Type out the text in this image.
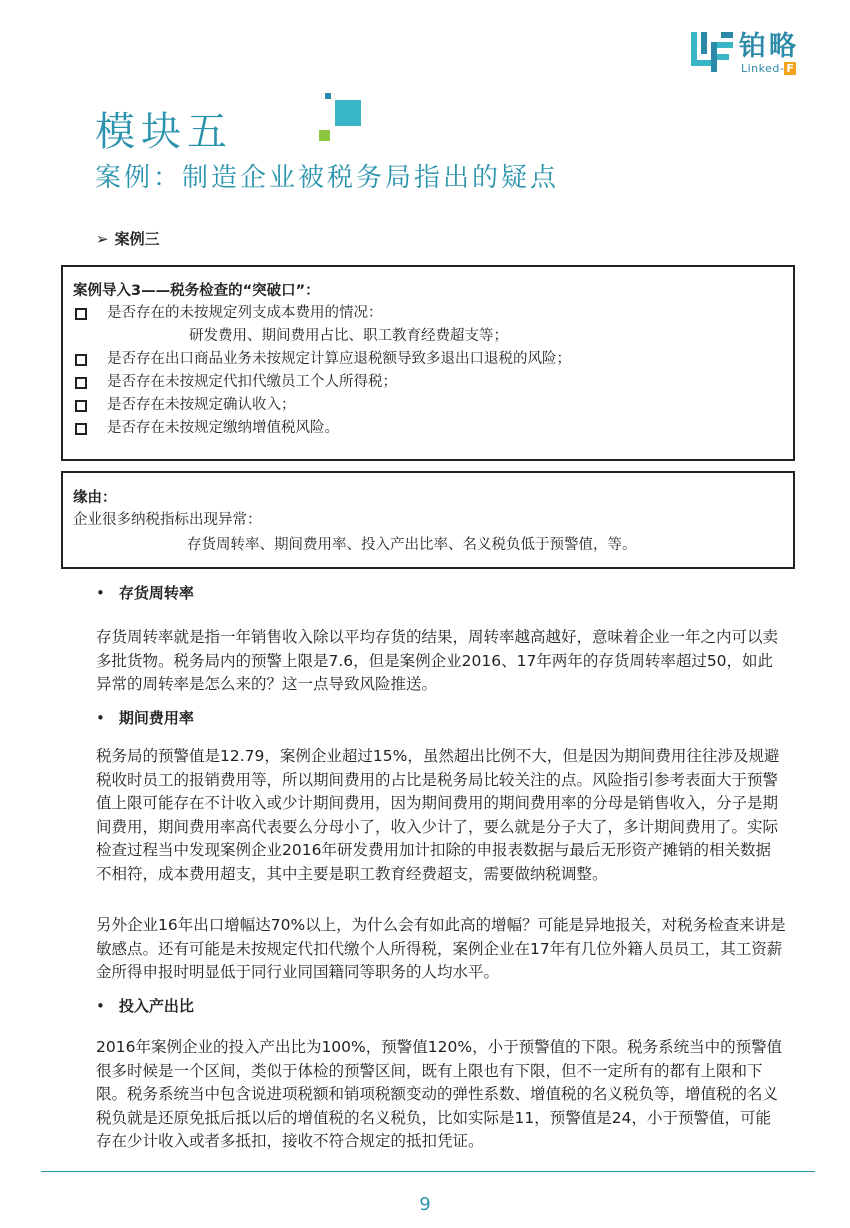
铂略
Linked- F
模块五
案例：制造企业被税务局指出的疑点
➢ 案例三
案例导入3——税务检查的“突破口”：
是否存在的未按规定列支成本费用的情况：
研发费用、期间费用占比、职工教育经费超支等；
是否存在出口商品业务未按规定计算应退税额导致多退出口退税的风险；
是否存在未按规定代扣代缴员工个人所得税；
是否存在未按规定确认收入；
是否存在未按规定缴纳增值税风险。
缘由：
企业很多纳税指标出现异常：
存货周转率、期间费用率、投入产出比率、名义税负低于预警值，等。
• 存货周转率
存货周转率就是指一年销售收入除以平均存货的结果，周转率越高越好，意味着企业一年之内可以卖多批货物。税务局内的预警上限是7.6，但是案例企业2016、17年两年的存货周转率超过50，如此异常的周转率是怎么来的？这一点导致风险推送。
• 期间费用率
税务局的预警值是12.79，案例企业超过15%，虽然超出比例不大，但是因为期间费用往往涉及规避税收时员工的报销费用等，所以期间费用的占比是税务局比较关注的点。风险指引参考表面大于预警值上限可能存在不计收入或少计期间费用，因为期间费用的期间费用率的分母是销售收入，分子是期间费用，期间费用率高代表要么分母小了，收入少计了，要么就是分子大了，多计期间费用了。实际检查过程当中发现案例企业2016年研发费用加计扣除的申报表数据与最后无形资产摊销的相关数据不相符，成本费用超支，其中主要是职工教育经费超支，需要做纳税调整。
另外企业16年出口增幅达70%以上，为什么会有如此高的增幅？可能是异地报关，对税务检查来讲是敏感点。还有可能是未按规定代扣代缴个人所得税，案例企业在17年有几位外籍人员员工，其工资薪金所得申报时明显低于同行业同国籍同等职务的人均水平。
• 投入产出比
2016年案例企业的投入产出比为100%，预警值120%，小于预警值的下限。税务系统当中的预警值很多时候是一个区间，类似于体检的预警区间，既有上限也有下限，但不一定所有的都有上限和下限。税务系统当中包含说进项税额和销项税额变动的弹性系数、增值税的名义税负等，增值税的名义税负就是还原免抵后抵以后的增值税的名义税负，比如实际是11，预警值是24，小于预警值，可能存在少计收入或者多抵扣，接收不符合规定的抵扣凭证。
9
